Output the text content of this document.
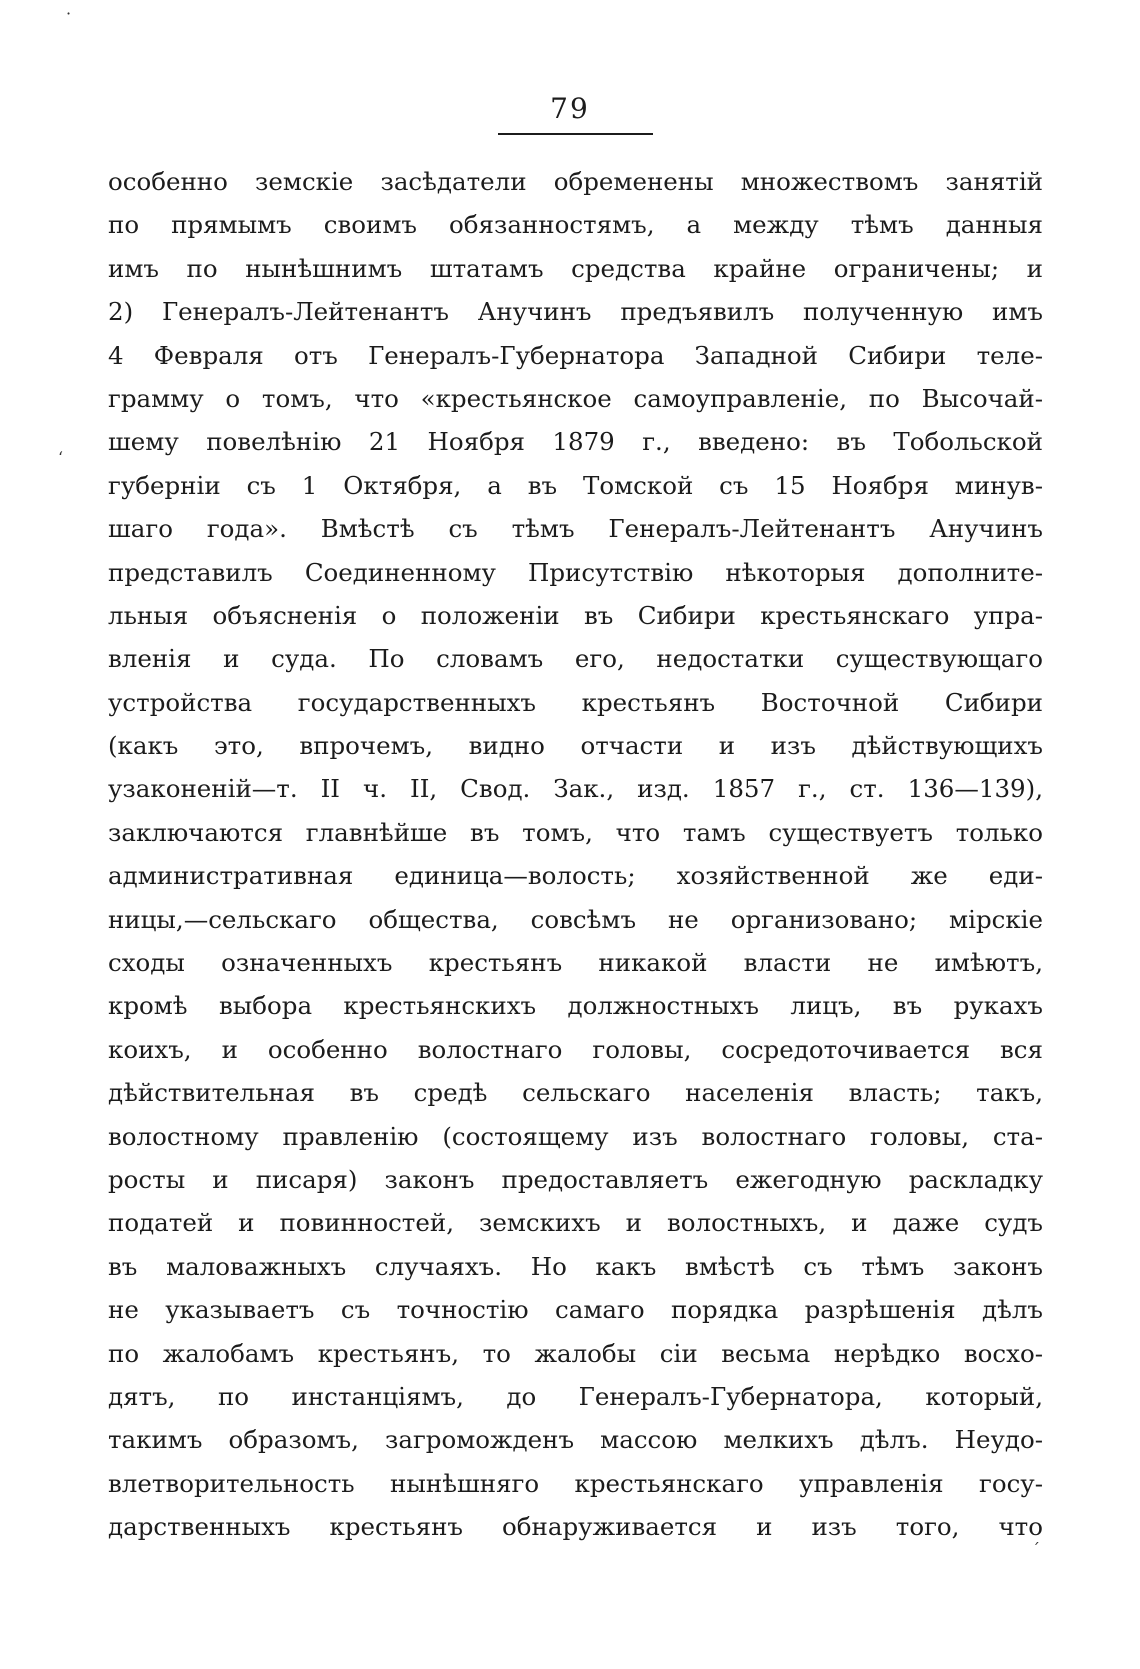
79
·
‘
ˊ
особенно земскіе засѣдатели обременены множествомъ занятій
по прямымъ своимъ обязанностямъ, а между тѣмъ данныя
имъ по нынѣшнимъ штатамъ средства крайне ограничены; и
2) Генералъ-Лейтенантъ Анучинъ предъявилъ полученную имъ
4 Февраля отъ Генералъ-Губернатора Западной Сибири теле-
грамму о томъ, что «крестьянское самоуправленіе, по Высочай-
шему повелѣнію 21 Ноября 1879 г., введено: въ Тобольской
губерніи съ 1 Октября, а въ Томской съ 15 Ноября минув-
шаго года». Вмѣстѣ съ тѣмъ Генералъ-Лейтенантъ Анучинъ
представилъ Соединенному Присутствію нѣкоторыя дополните-
льныя объясненія о положеніи въ Сибири крестьянскаго упра-
вленія и суда. По словамъ его, недостатки существующаго
устройства государственныхъ крестьянъ Восточной Сибири
(какъ это, впрочемъ, видно отчасти и изъ дѣйствующихъ
узаконеній—т. II ч. II, Свод. Зак., изд. 1857 г., ст. 136—139),
заключаются главнѣйше въ томъ, что тамъ существуетъ только
административная единица—волость; хозяйственной же еди-
ницы,—сельскаго общества, совсѣмъ не организовано; мірскіе
сходы означенныхъ крестьянъ никакой власти не имѣютъ,
кромѣ выбора крестьянскихъ должностныхъ лицъ, въ рукахъ
коихъ, и особенно волостнаго головы, сосредоточивается вся
дѣйствительная въ средѣ сельскаго населенія власть; такъ,
волостному правленію (состоящему изъ волостнаго головы, ста-
росты и писаря) законъ предоставляетъ ежегодную раскладку
податей и повинностей, земскихъ и волостныхъ, и даже судъ
въ маловажныхъ случаяхъ. Но какъ вмѣстѣ съ тѣмъ законъ
не указываетъ съ точностію самаго порядка разрѣшенія дѣлъ
по жалобамъ крестьянъ, то жалобы сіи весьма нерѣдко восхо-
дятъ, по инстанціямъ, до Генералъ-Губернатора, который,
такимъ образомъ, загроможденъ массою мелкихъ дѣлъ. Неудо-
влетворительность нынѣшняго крестьянскаго управленія госу-
дарственныхъ крестьянъ обнаруживается и изъ того, что
